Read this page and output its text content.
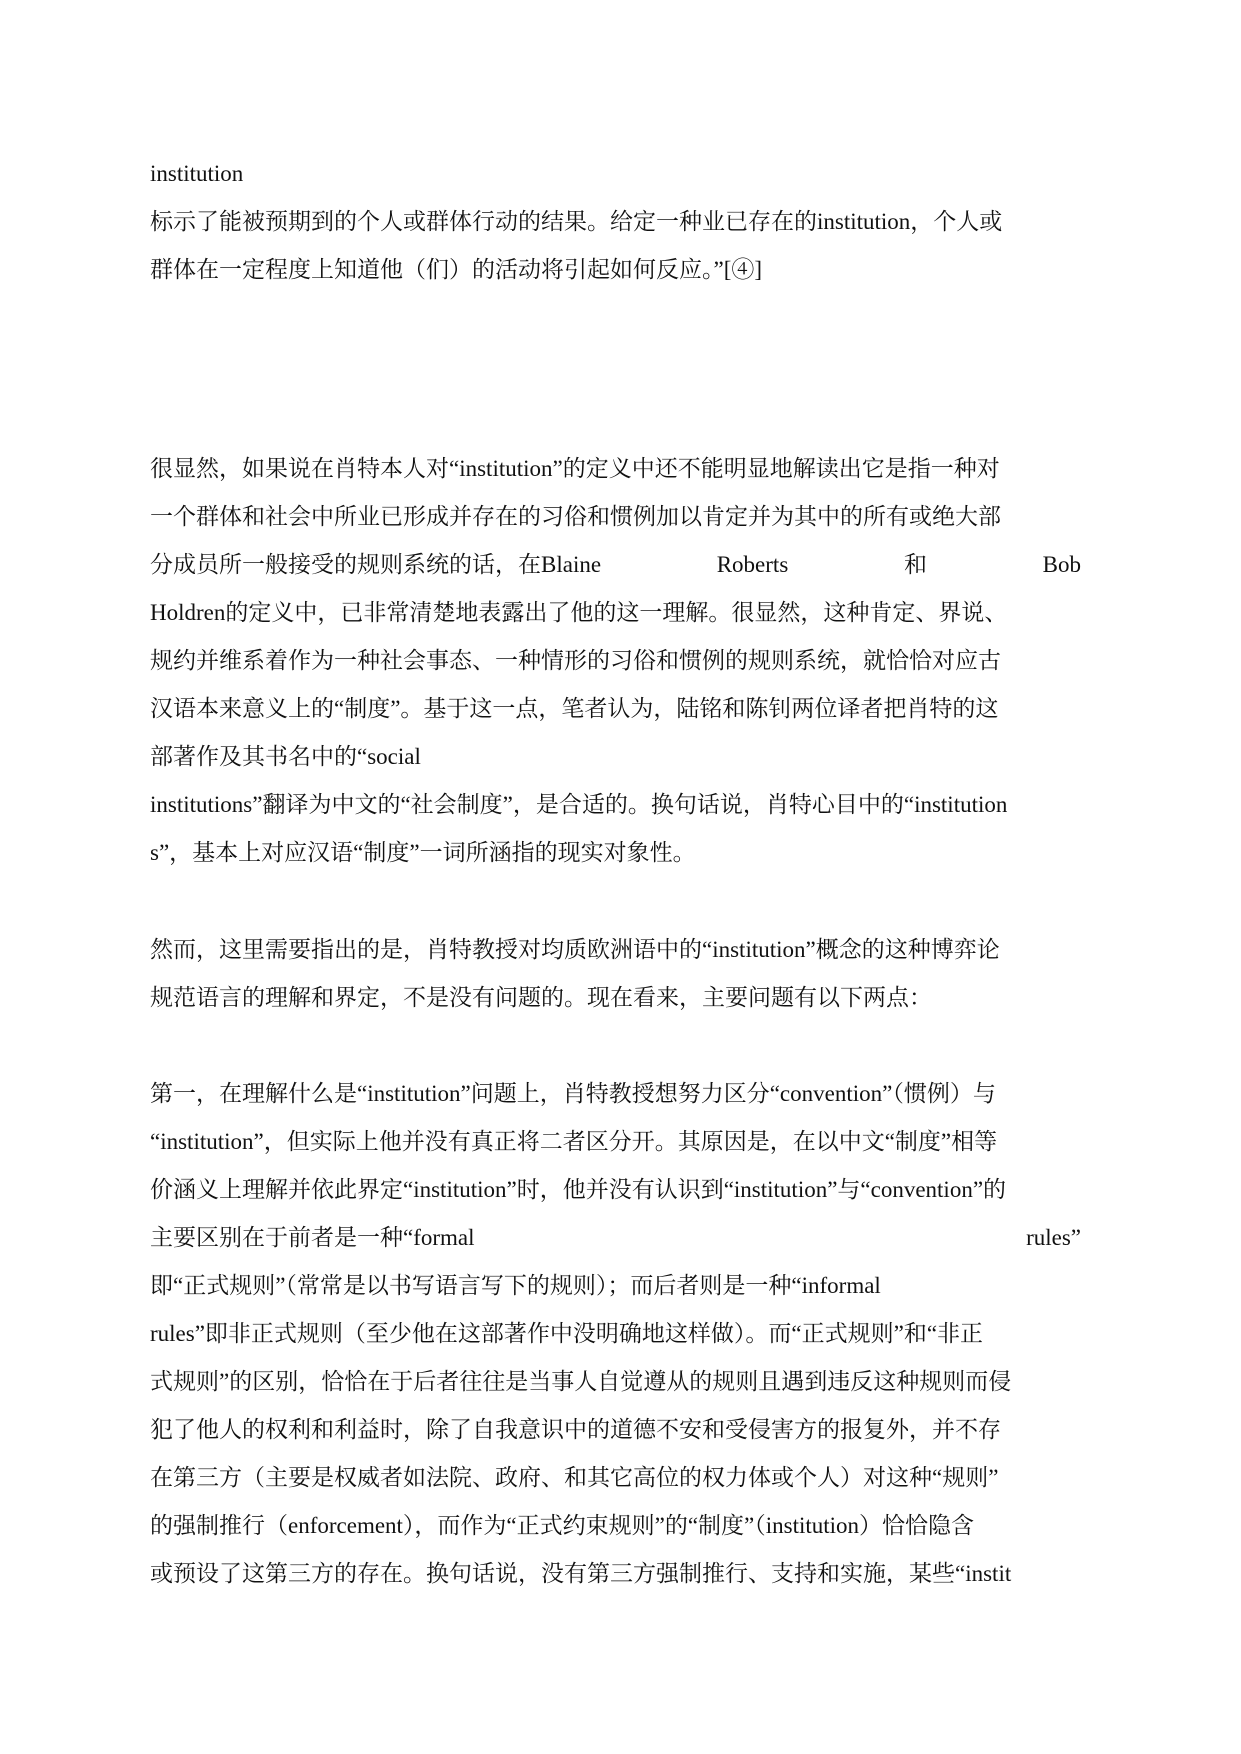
institution
标示了能被预期到的个人或群体行动的结果。给定一种业已存在的institution，个人或
群体在一定程度上知道他（们）的活动将引起如何反应。”[④]
很显然，如果说在肖特本人对“institution”的定义中还不能明显地解读出它是指一种对
一个群体和社会中所业已形成并存在的习俗和惯例加以肯定并为其中的所有或绝大部
分成员所一般接受的规则系统的话，在Blaine	Roberts	和	Bob
Holdren的定义中，已非常清楚地表露出了他的这一理解。很显然，这种肯定、界说、
规约并维系着作为一种社会事态、一种情形的习俗和惯例的规则系统，就恰恰对应古
汉语本来意义上的“制度”。基于这一点，笔者认为，陆铭和陈钊两位译者把肖特的这
部著作及其书名中的“social
institutions”翻译为中文的“社会制度”，是合适的。换句话说，肖特心目中的“institution
s”，基本上对应汉语“制度”一词所涵指的现实对象性。
然而，这里需要指出的是，肖特教授对均质欧洲语中的“institution”概念的这种博弈论
规范语言的理解和界定，不是没有问题的。现在看来，主要问题有以下两点：
第一，在理解什么是“institution”问题上，肖特教授想努力区分“convention”（惯例）与
“institution”，但实际上他并没有真正将二者区分开。其原因是，在以中文“制度”相等
价涵义上理解并依此界定“institution”时，他并没有认识到“institution”与“convention”的
主要区别在于前者是一种“formal	rules”
即“正式规则”（常常是以书写语言写下的规则）；而后者则是一种“informal
rules”即非正式规则（至少他在这部著作中没明确地这样做）。而“正式规则”和“非正
式规则”的区别，恰恰在于后者往往是当事人自觉遵从的规则且遇到违反这种规则而侵
犯了他人的权利和利益时，除了自我意识中的道德不安和受侵害方的报复外，并不存
在第三方（主要是权威者如法院、政府、和其它高位的权力体或个人）对这种“规则”
的强制推行（enforcement），而作为“正式约束规则”的“制度”（institution）恰恰隐含
或预设了这第三方的存在。换句话说，没有第三方强制推行、支持和实施，某些“instit
